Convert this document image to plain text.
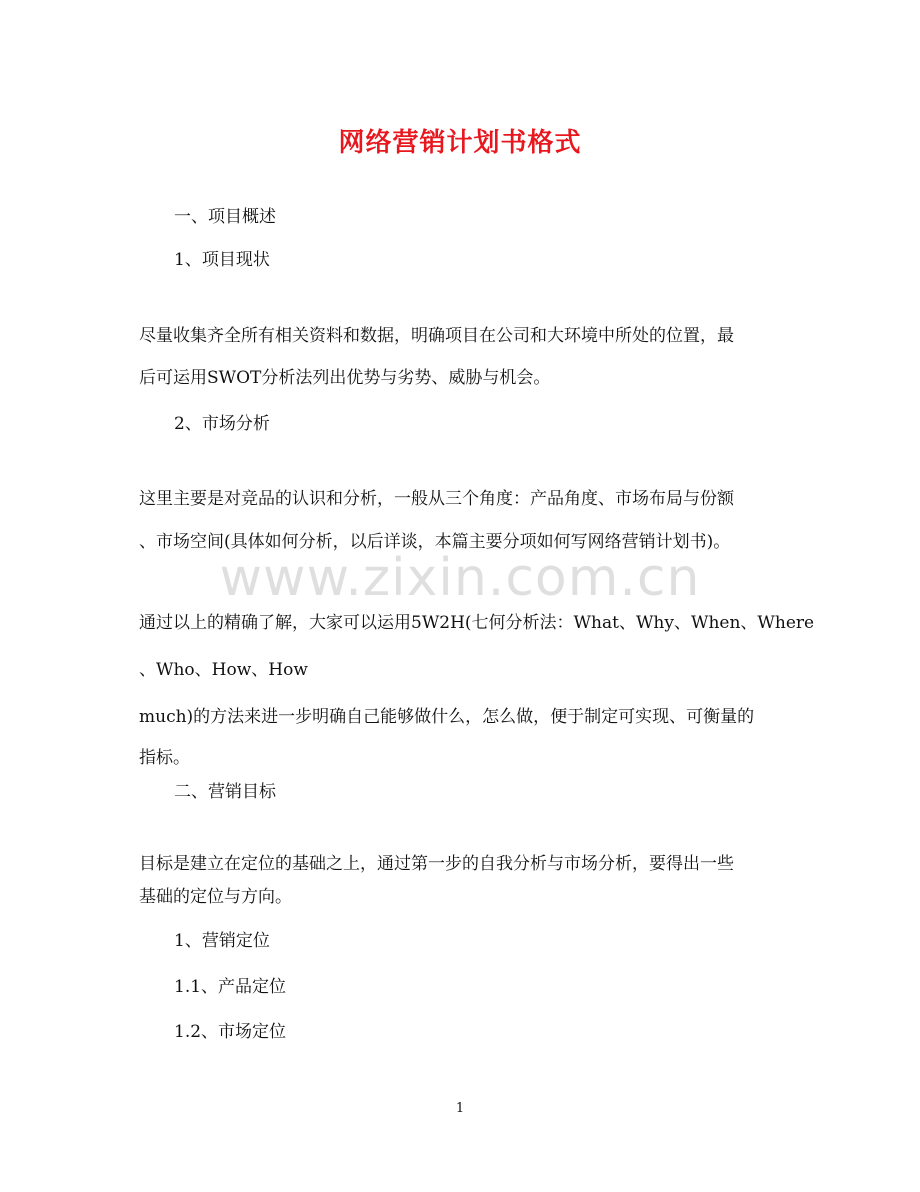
网络营销计划书格式
一、项目概述
1、项目现状
尽量收集齐全所有相关资料和数据，明确项目在公司和大环境中所处的位置，最
后可运用SWOT分析法列出优势与劣势、威胁与机会。
2、市场分析
这里主要是对竞品的认识和分析，一般从三个角度：产品角度、市场布局与份额
、市场空间(具体如何分析，以后详谈，本篇主要分项如何写网络营销计划书)。
www.zixin.com.cn
通过以上的精确了解，大家可以运用5W2H(七何分析法：What、Why、When、Where
、Who、How、How
much)的方法来进一步明确自己能够做什么，怎么做，便于制定可实现、可衡量的
指标。
二、营销目标
目标是建立在定位的基础之上，通过第一步的自我分析与市场分析，要得出一些
基础的定位与方向。
1、营销定位
1.1、产品定位
1.2、市场定位
1
